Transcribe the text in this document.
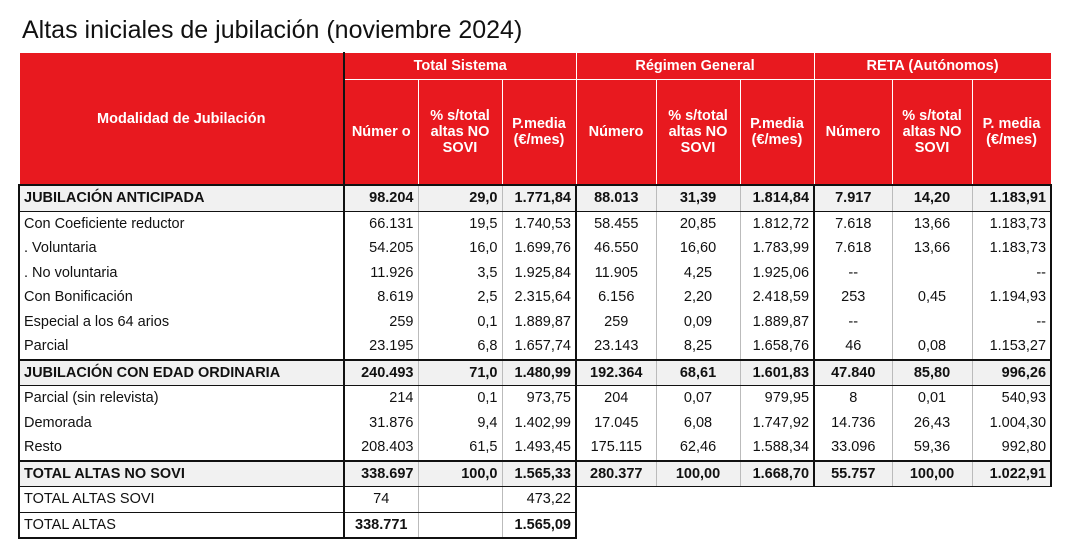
Altas iniciales de jubilación (noviembre 2024)
Modalidad de Jubilación	Total Sistema			Régimen General			RETA (Autónomos)		
	Númer o	% s/total altas NO SOVI	P.media (€/mes)	Número	% s/total altas NO SOVI	P.media (€/mes)	Número	% s/total altas NO SOVI	P. media (€/mes)
JUBILACIÓN ANTICIPADA	98.204	29,0	1.771,84	88.013	31,39	1.814,84	7.917	14,20	1.183,91
Con Coeficiente reductor	66.131	19,5	1.740,53	58.455	20,85	1.812,72	7.618	13,66	1.183,73
. Voluntaria	54.205	16,0	1.699,76	46.550	16,60	1.783,99	7.618	13,66	1.183,73
. No voluntaria	11.926	3,5	1.925,84	11.905	4,25	1.925,06	--		--
Con Bonificación	8.619	2,5	2.315,64	6.156	2,20	2.418,59	253	0,45	1.194,93
Especial a los 64 arios	259	0,1	1.889,87	259	0,09	1.889,87	--		--
Parcial	23.195	6,8	1.657,74	23.143	8,25	1.658,76	46	0,08	1.153,27
JUBILACIÓN CON EDAD ORDINARIA	240.493	71,0	1.480,99	192.364	68,61	1.601,83	47.840	85,80	996,26
Parcial (sin relevista)	214	0,1	973,75	204	0,07	979,95	8	0,01	540,93
Demorada	31.876	9,4	1.402,99	17.045	6,08	1.747,92	14.736	26,43	1.004,30
Resto	208.403	61,5	1.493,45	175.115	62,46	1.588,34	33.096	59,36	992,80
TOTAL ALTAS NO SOVI	338.697	100,0	1.565,33	280.377	100,00	1.668,70	55.757	100,00	1.022,91
TOTAL ALTAS SOVI	74		473,22						
TOTAL ALTAS	338.771		1.565,09						
